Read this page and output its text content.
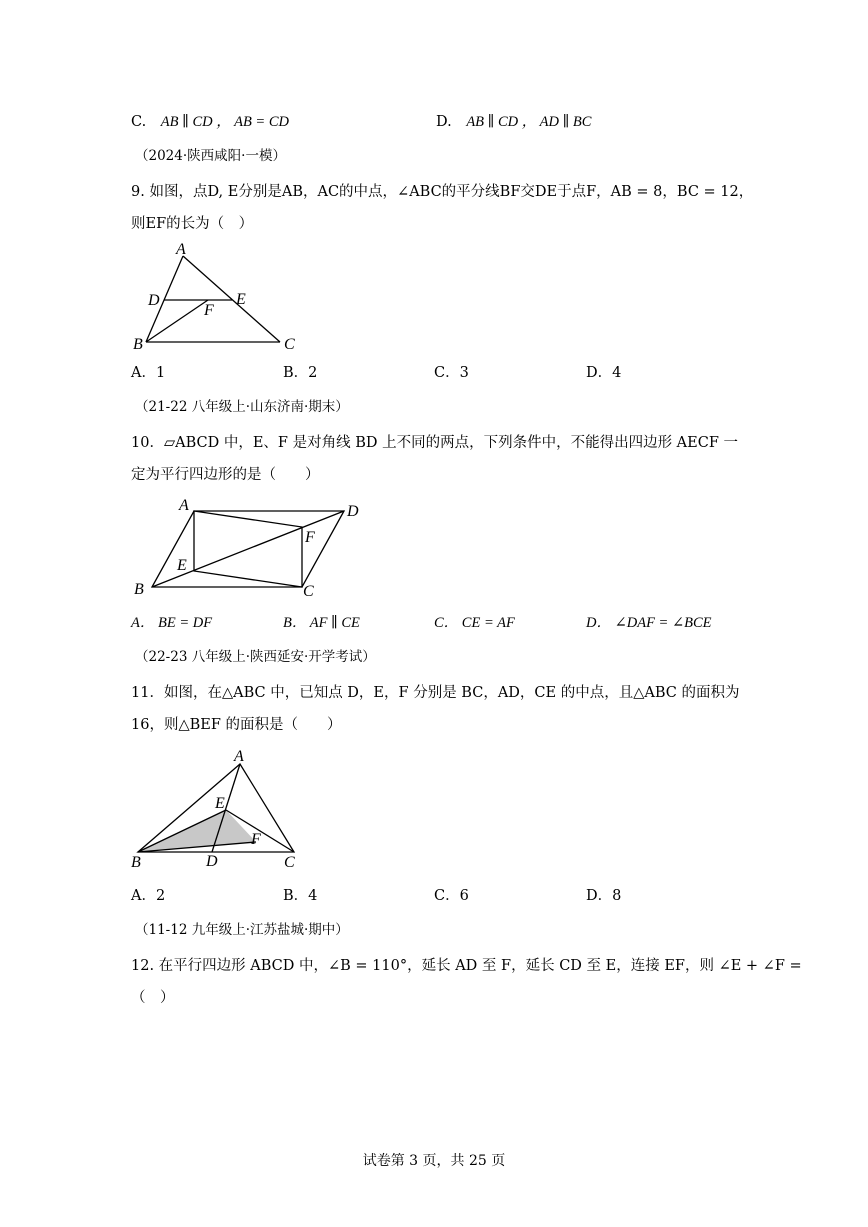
C. AB ∥ CD ， AB = CD	D. AB ∥ CD ， AD ∥ BC
（2024·陕西咸阳·一模）
9. 如图，点D, E分别是AB，AC的中点，∠ABC的平分线BF交DE于点F，AB = 8，BC = 12，
则EF的长为（　）
A
D	E
F
B	C
A．1	B．2	C．3	D．4
（21-22 八年级上·山东济南·期末）
10．▱ABCD 中，E、F 是对角线 BD 上不同的两点，下列条件中，不能得出四边形 AECF 一
定为平行四边形的是（　　）
A	D
F
E
B	C
A． BE = DF	B． AF ∥ CE	C． CE = AF	D． ∠DAF = ∠BCE
（22-23 八年级上·陕西延安·开学考试）
11．如图，在△ABC 中，已知点 D，E，F 分别是 BC，AD，CE 的中点，且△ABC 的面积为
16，则△BEF 的面积是（　　）
A
E
F
B	D	C
A．2	B．4	C．6	D．8
（11-12 九年级上·江苏盐城·期中）
12. 在平行四边形 ABCD 中，∠B = 110°，延长 AD 至 F，延长 CD 至 E，连接 EF，则 ∠E + ∠F =
（　）
试卷第 3 页，共 25 页
